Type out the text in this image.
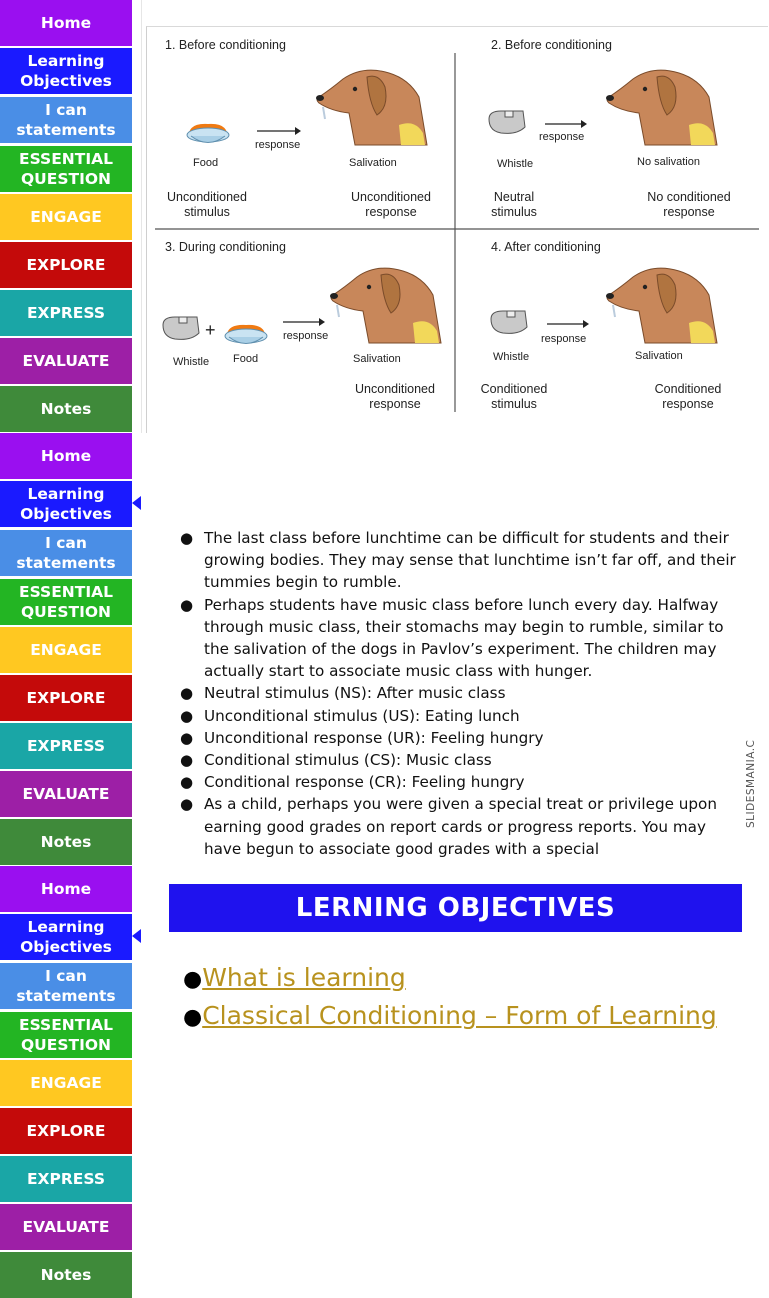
Home
Learning
Objectives
I can
statements
ESSENTIAL
QUESTION
ENGAGE
EXPLORE
EXPRESS
EVALUATE
Notes
1. Before conditioning
Food
response
Salivation
Unconditioned
stimulus
Unconditioned
response
2. Before conditioning
Whistle
response
No salivation
Neutral
stimulus
No conditioned
response
3. During conditioning
+
Whistle Food
response
Salivation
Unconditioned
response
4. After conditioning
Whistle
response
Salivation
Conditioned
stimulus
Conditioned
response
Home
Learning
Objectives
I can
statements
ESSENTIAL
QUESTION
ENGAGE
EXPLORE
EXPRESS
EVALUATE
Notes
● The last class before lunchtime can be difficult for students and their growing bodies. They may sense that lunchtime isn’t far off, and their tummies begin to rumble.
● Perhaps students have music class before lunch every day. Halfway through music class, their stomachs may begin to rumble, similar to the salivation of the dogs in Pavlov’s experiment. The children may actually start to associate music class with hunger.
● Neutral stimulus (NS): After music class
● Unconditional stimulus (US): Eating lunch
● Unconditional response (UR): Feeling hungry
● Conditional stimulus (CS): Music class
● Conditional response (CR): Feeling hungry
● As a child, perhaps you were given a special treat or privilege upon earning good grades on report cards or progress reports. You may have begun to associate good grades with a special
SLIDESMANIA.C
Home
Learning
Objectives
I can
statements
ESSENTIAL
QUESTION
ENGAGE
EXPLORE
EXPRESS
EVALUATE
Notes
LERNING OBJECTIVES
●What is learning
●Classical Conditioning – Form of Learning
